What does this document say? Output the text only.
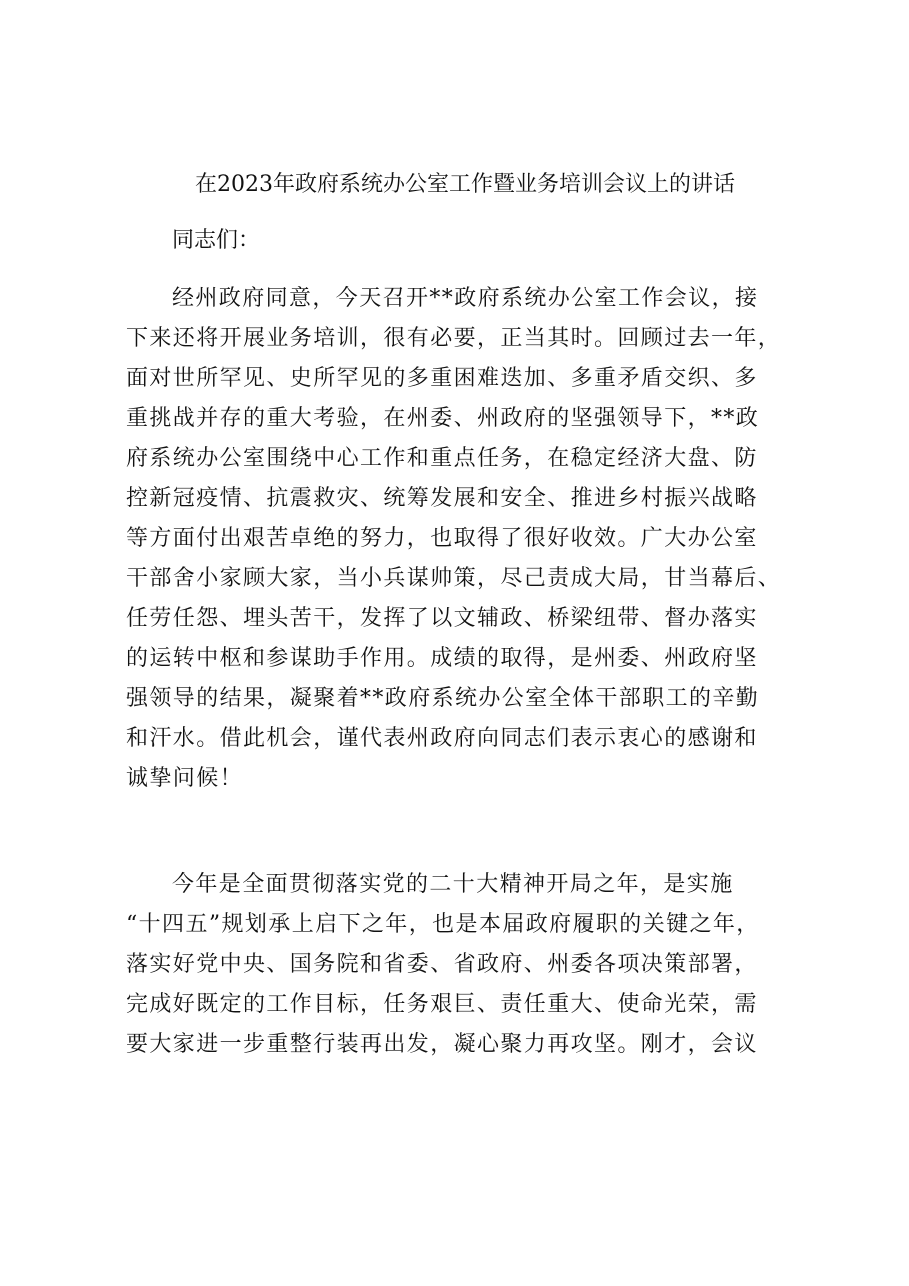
在2023年政府系统办公室工作暨业务培训会议上的讲话
同志们：
经州政府同意，今天召开**政府系统办公室工作会议，接
下来还将开展业务培训，很有必要，正当其时。回顾过去一年，
面对世所罕见、史所罕见的多重困难迭加、多重矛盾交织、多
重挑战并存的重大考验，在州委、州政府的坚强领导下，**政
府系统办公室围绕中心工作和重点任务，在稳定经济大盘、防
控新冠疫情、抗震救灾、统筹发展和安全、推进乡村振兴战略
等方面付出艰苦卓绝的努力，也取得了很好收效。广大办公室
干部舍小家顾大家，当小兵谋帅策，尽己责成大局，甘当幕后、
任劳任怨、埋头苦干，发挥了以文辅政、桥梁纽带、督办落实
的运转中枢和参谋助手作用。成绩的取得，是州委、州政府坚
强领导的结果，凝聚着**政府系统办公室全体干部职工的辛勤
和汗水。借此机会，谨代表州政府向同志们表示衷心的感谢和
诚挚问候！
今年是全面贯彻落实党的二十大精神开局之年，是实施
“十四五”规划承上启下之年，也是本届政府履职的关键之年，
落实好党中央、国务院和省委、省政府、州委各项决策部署，
完成好既定的工作目标，任务艰巨、责任重大、使命光荣，需
要大家进一步重整行装再出发，凝心聚力再攻坚。刚才，会议
